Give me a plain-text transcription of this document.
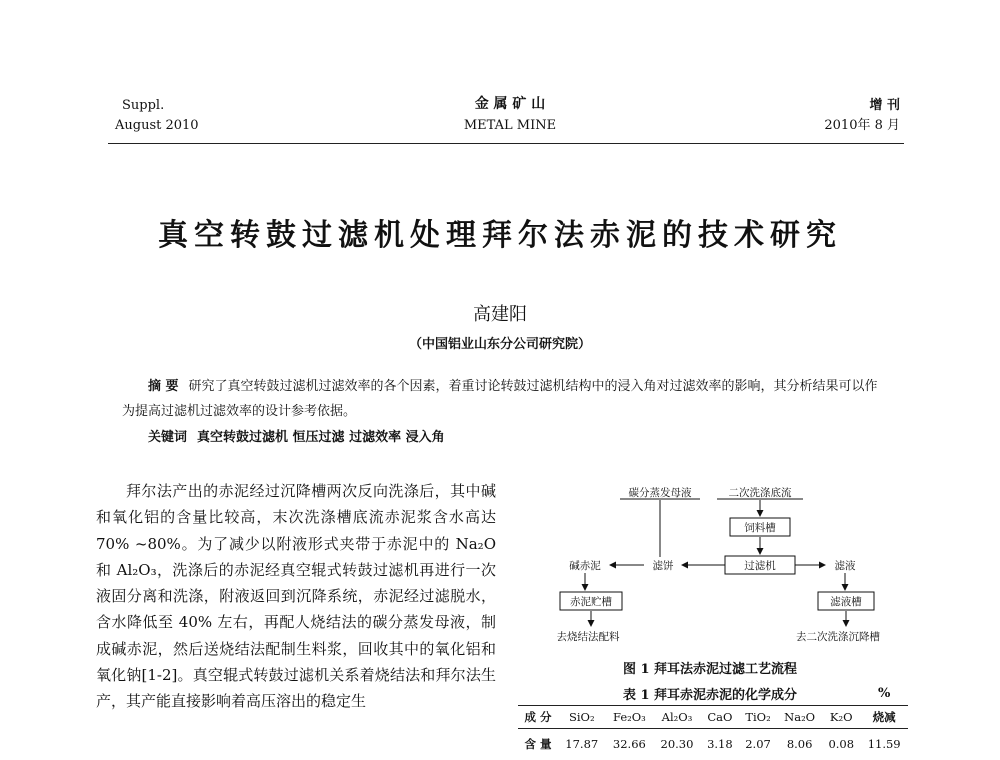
Suppl.
August 2010
金 属 矿 山
METAL MINE
增 刊
2010年 8 月
真空转鼓过滤机处理拜尔法赤泥的技术研究
高建阳
（中国铝业山东分公司研究院）
摘 要 研究了真空转鼓过滤机过滤效率的各个因素，着重讨论转鼓过滤机结构中的浸入角对过滤效率的影响，其分析结果可以作为提高过滤机过滤效率的设计参考依据。
关键词 真空转鼓过滤机 恒压过滤 过滤效率 浸入角

拜尔法产出的赤泥经过沉降槽两次反向洗涤后，其中碱和氧化铝的含量比较高，末次洗涤槽底流赤泥浆含水高达 70% ~80%。为了减少以附液形式夹带于赤泥中的 Na₂O 和 Al₂O₃，洗涤后的赤泥经真空辊式转鼓过滤机再进行一次液固分离和洗涤，附液返回到沉降系统，赤泥经过滤脱水，含水降低至 40% 左右，再配人烧结法的碳分蒸发母液，制成碱赤泥，然后送烧结法配制生料浆，回收其中的氧化铝和氧化钠[1-2]。真空辊式转鼓过滤机关系着烧结法和拜尔法生产，其产能直接影响着高压溶出的稳定生

碳分蒸发母液	二次洗涤底流
饲料槽
过滤机
滤饼
碱赤泥	滤液
赤泥贮槽	滤液槽
去烧结法配料	去二次洗涤沉降槽
图 1 拜耳法赤泥过滤工艺流程
表 1 拜耳赤泥赤泥的化学成分	%
成 分	SiO₂	Fe₂O₃	Al₂O₃	CaO	TiO₂	Na₂O	K₂O	烧减
含 量	17.87	32.66	20.30	3.18	2.07	8.06	0.08	11.59
